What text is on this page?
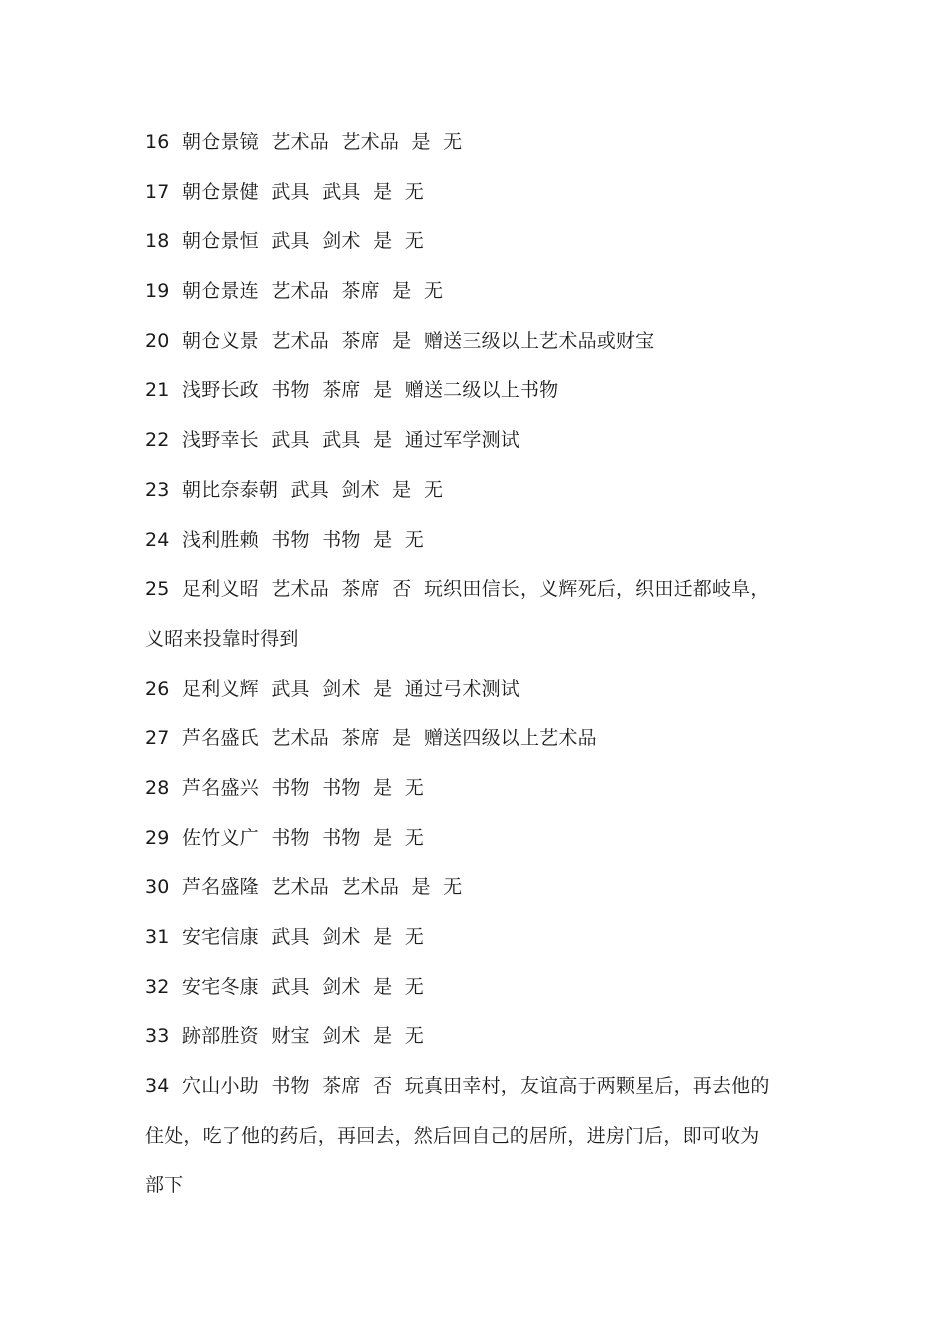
16  朝仓景镜  艺术品  艺术品  是  无
17  朝仓景健  武具  武具  是  无
18  朝仓景恒  武具  剑术  是  无
19  朝仓景连  艺术品  茶席  是  无
20  朝仓义景  艺术品  茶席  是  赠送三级以上艺术品或财宝
21  浅野长政  书物  茶席  是  赠送二级以上书物
22  浅野幸长  武具  武具  是  通过军学测试
23  朝比奈泰朝  武具  剑术  是  无
24  浅利胜赖  书物  书物  是  无
25  足利义昭  艺术品  茶席  否  玩织田信长，义辉死后，织田迁都岐阜，
义昭来投靠时得到
26  足利义辉  武具  剑术  是  通过弓术测试
27  芦名盛氏  艺术品  茶席  是  赠送四级以上艺术品
28  芦名盛兴  书物  书物  是  无
29  佐竹义广  书物  书物  是  无
30  芦名盛隆  艺术品  艺术品  是  无
31  安宅信康  武具  剑术  是  无
32  安宅冬康  武具  剑术  是  无
33  跡部胜资  财宝  剑术  是  无
34  穴山小助  书物  茶席  否  玩真田幸村，友谊高于两颗星后，再去他的
住处，吃了他的药后，再回去，然后回自己的居所，进房门后，即可收为
部下
